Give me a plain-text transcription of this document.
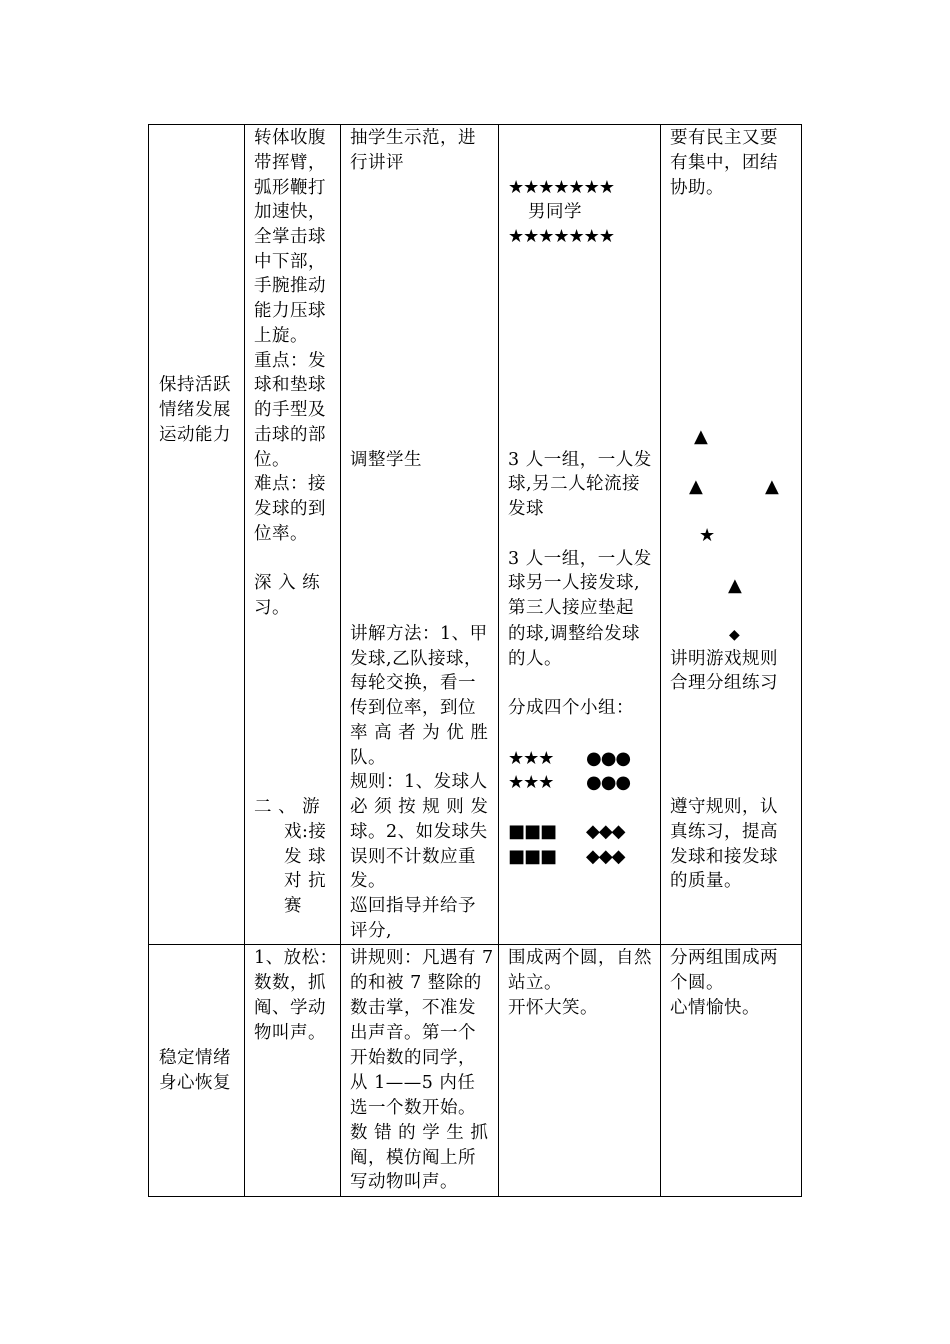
保持活跃
情绪发展
运动能力
转体收腹
带挥臂，
弧形鞭打
加速快，
全掌击球
中下部，
手腕推动
能力压球
上旋。
重点：发
球和垫球
的手型及
击球的部
位。
难点：接
发球的到
位率。
深 入 练
习。
二 、 游
戏:接
发 球
对 抗
赛
抽学生示范，进
行讲评
调整学生
讲解方法：1、甲
发球,乙队接球，
每轮交换，看一
传到位率，到位
率 高 者 为 优 胜
队。
规则：1、发球人
必 须 按 规 则 发
球。2、如发球失
误则不计数应重
发。
巡回指导并给予
评分,
★★★★★★★
男同学
★★★★★★★
3 人一组，一人发
球,另二人轮流接
发球
3 人一组，一人发
球另一人接发球,
第三人接应垫起
的球,调整给发球
的人。
分成四个小组：
★★★ ●●●
★★★ ●●●
■■■ ◆◆◆
■■■ ◆◆◆
要有民主又要
有集中，团结
协助。
▲
▲	▲
★
▲
◆
讲明游戏规则
合理分组练习
遵守规则，认
真练习，提高
发球和接发球
的质量。
稳定情绪
身心恢复
1、放松：
数数，抓
阄、学动
物叫声。
讲规则：凡遇有 7
的和被 7 整除的
数击掌，不准发
出声音。第一个
开始数的同学，
从 1——5 内任
选一个数开始。
数 错 的 学 生 抓
阄，模仿阄上所
写动物叫声。
围成两个圆，自然
站立。
开怀大笑。
分两组围成两
个圆。
心情愉快。
